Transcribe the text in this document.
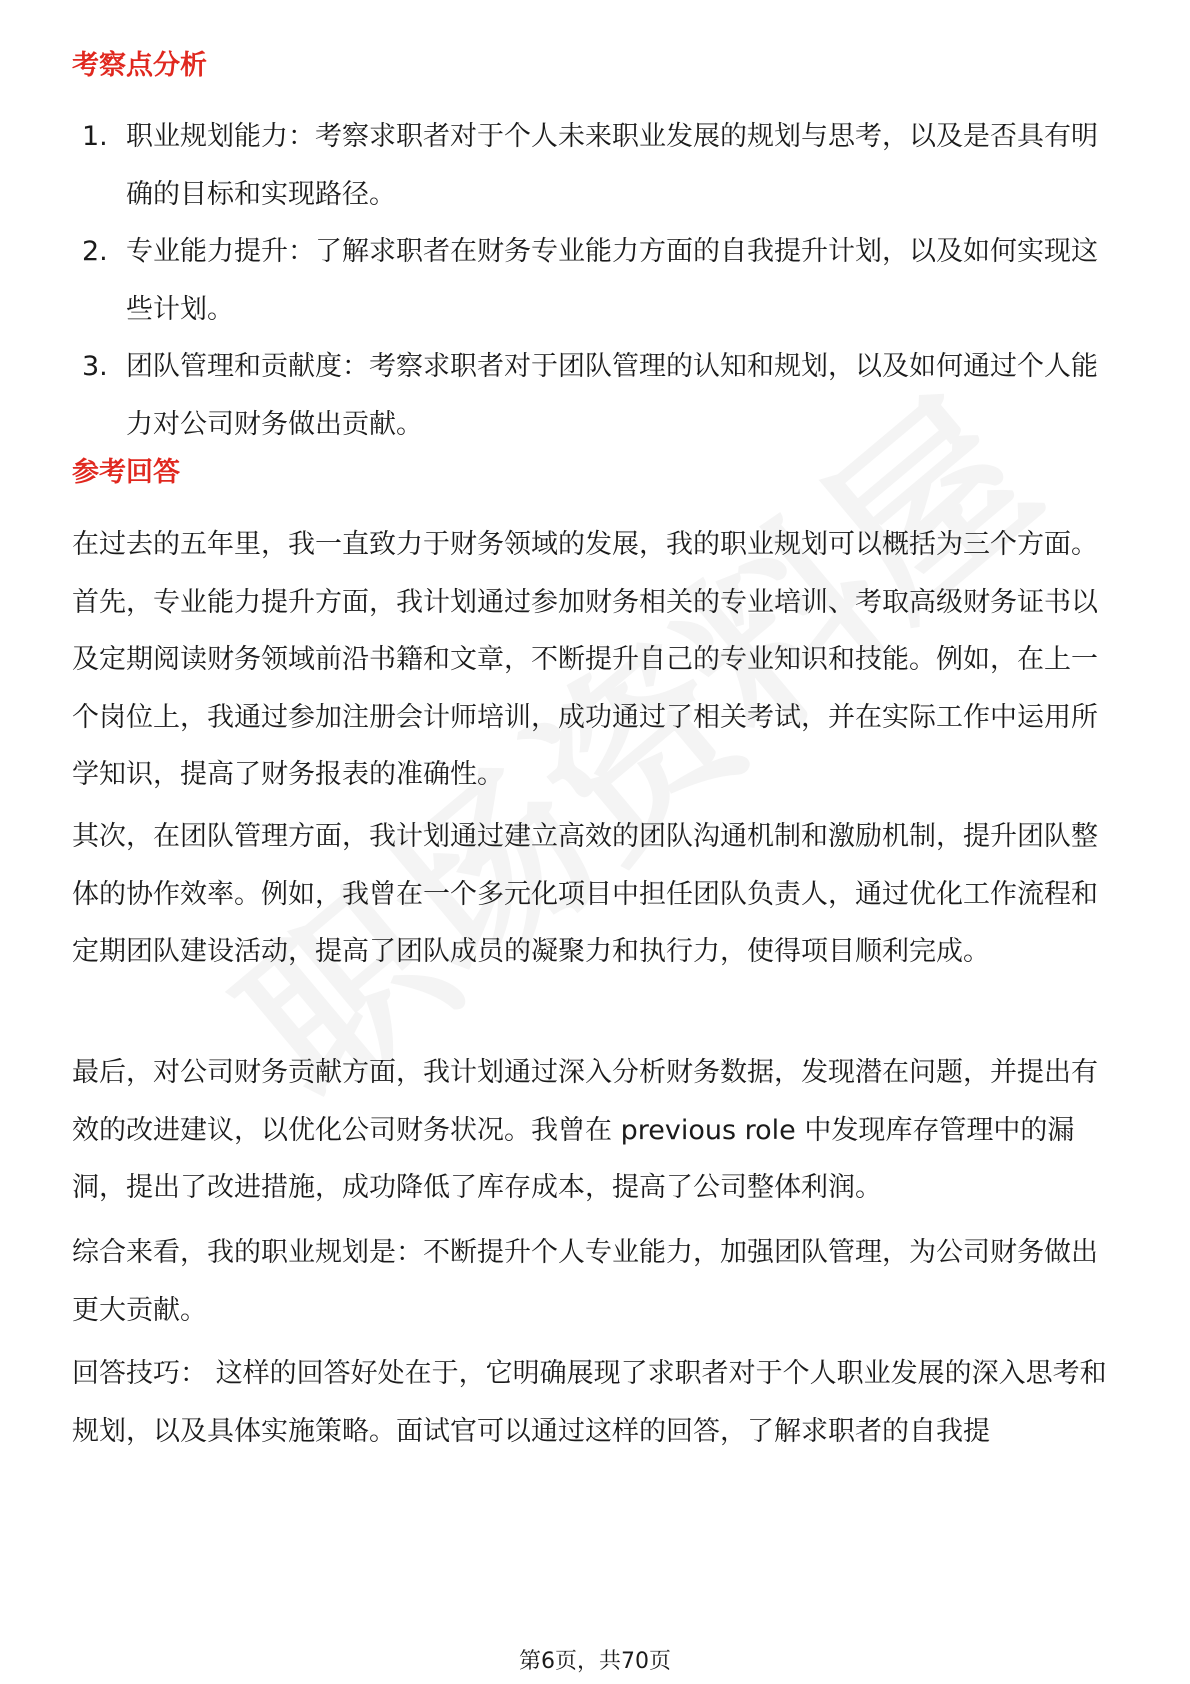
考察点分析
1. 职业规划能力：考察求职者对于个人未来职业发展的规划与思考，以及是否具有明确的目标和实现路径。
2. 专业能力提升：了解求职者在财务专业能力方面的自我提升计划，以及如何实现这些计划。
3. 团队管理和贡献度：考察求职者对于团队管理的认知和规划，以及如何通过个人能力对公司财务做出贡献。
参考回答

在过去的五年里，我一直致力于财务领域的发展，我的职业规划可以概括为三个方面。首先，专业能力提升方面，我计划通过参加财务相关的专业培训、考取高级财务证书以及定期阅读财务领域前沿书籍和文章，不断提升自己的专业知识和技能。例如，在上一个岗位上，我通过参加注册会计师培训，成功通过了相关考试，并在实际工作中运用所学知识，提高了财务报表的准确性。

其次，在团队管理方面，我计划通过建立高效的团队沟通机制和激励机制，提升团队整体的协作效率。例如，我曾在一个多元化项目中担任团队负责人，通过优化工作流程和定期团队建设活动，提高了团队成员的凝聚力和执行力，使得项目顺利完成。

最后，对公司财务贡献方面，我计划通过深入分析财务数据，发现潜在问题，并提出有效的改进建议，以优化公司财务状况。我曾在 previous role 中发现库存管理中的漏洞，提出了改进措施，成功降低了库存成本，提高了公司整体利润。

综合来看，我的职业规划是：不断提升个人专业能力，加强团队管理，为公司财务做出更大贡献。

回答技巧： 这样的回答好处在于，它明确展现了求职者对于个人职业发展的深入思考和规划，以及具体实施策略。面试官可以通过这样的回答，了解求职者的自我提

第6页，共70页
